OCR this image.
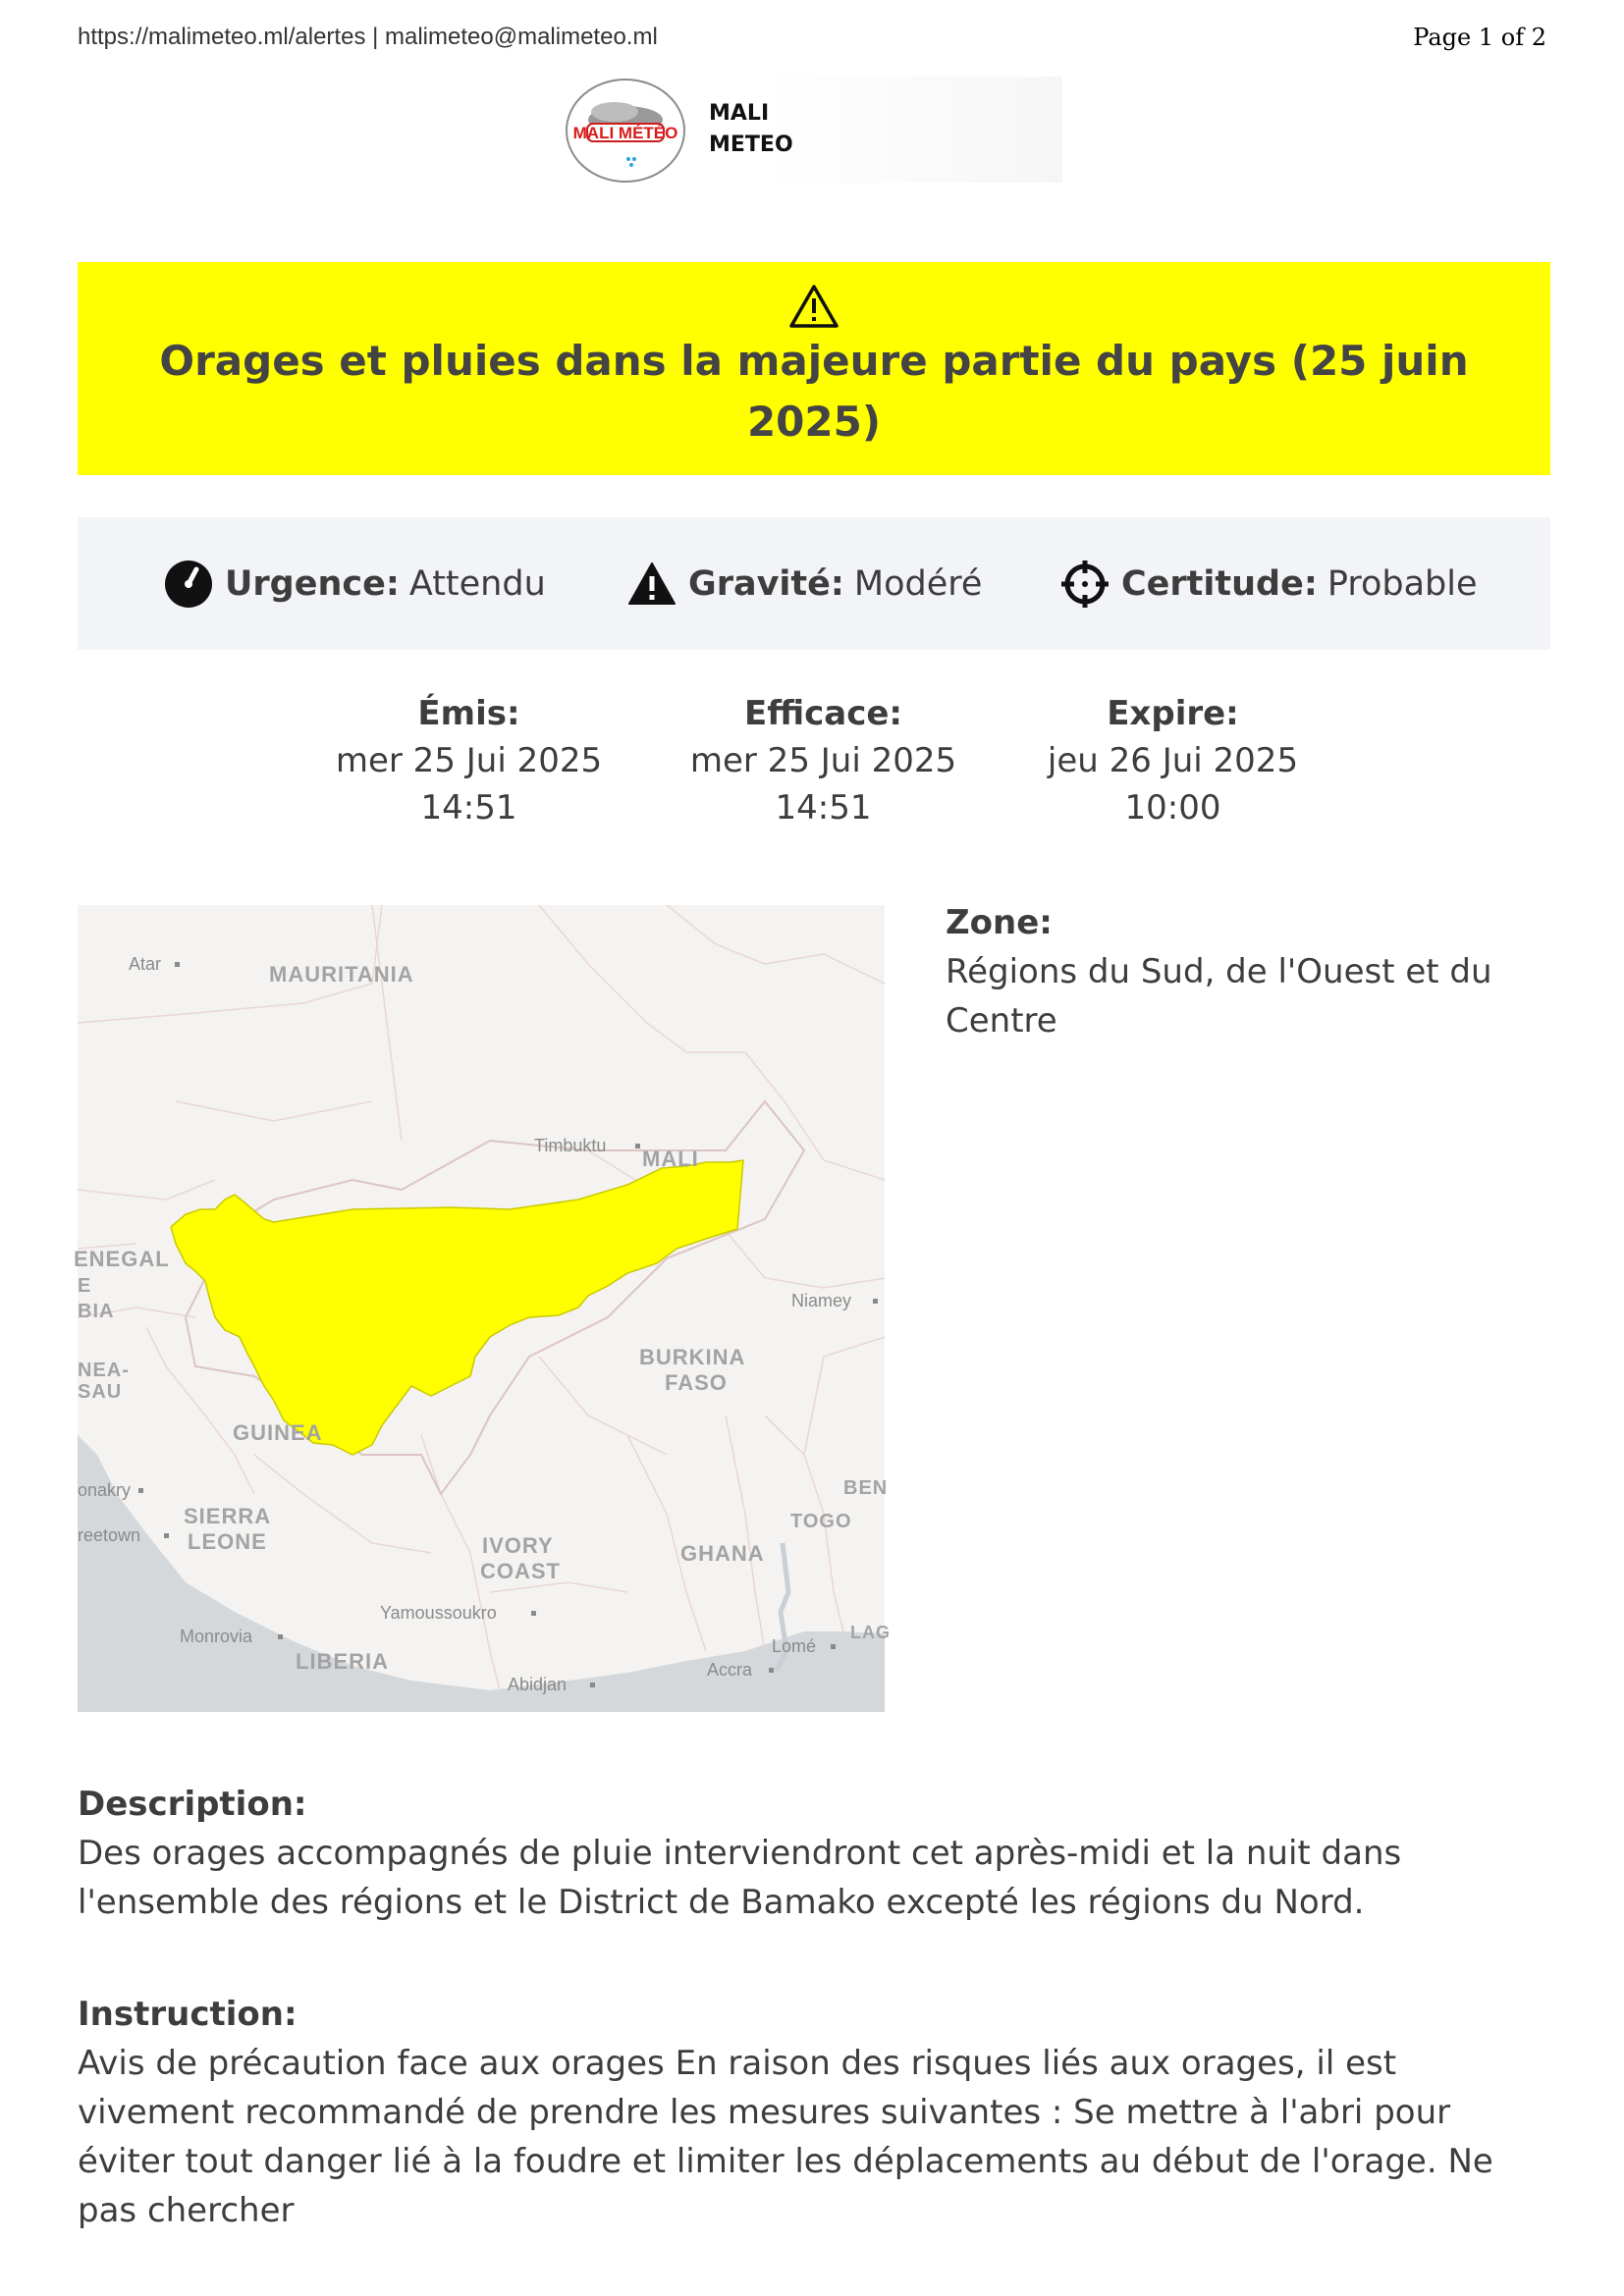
https://malimeteo.ml/alertes | malimeteo@malimeteo.ml	Page 1 of 2
MALI MÉTÉO
MALI
METEO
Orages et pluies dans la majeure partie du pays (25 juin 2025)
Urgence: Attendu	Gravité: Modéré	Certitude: Probable
Émis:
mer 25 Jui 2025
14:51
Efficace:
mer 25 Jui 2025
14:51
Expire:
jeu 26 Jui 2025
10:00
MAURITANIA
MALI
ENEGAL
BURKINA
FASO
GUINEA
SIERRA
LEONE	IVORY
COAST
GHANA
TOGO
LIBERIA
BEN
E
BIA
NEA-
SAU
Atar
Timbuktu
Niamey
Yamoussoukro
Monrovia
Abidjan
Accra
Lomé
LAG
onakry
reetown
Zone:
Régions du Sud, de l'Ouest et du Centre
Description:
Des orages accompagnés de pluie interviendront cet après-midi et la nuit dans l'ensemble des régions et le District de Bamako excepté les régions du Nord.
Instruction:
Avis de précaution face aux orages En raison des risques liés aux orages, il est vivement recommandé de prendre les mesures suivantes : Se mettre à l'abri pour éviter tout danger lié à la foudre et limiter les déplacements au début de l'orage. Ne pas chercher
